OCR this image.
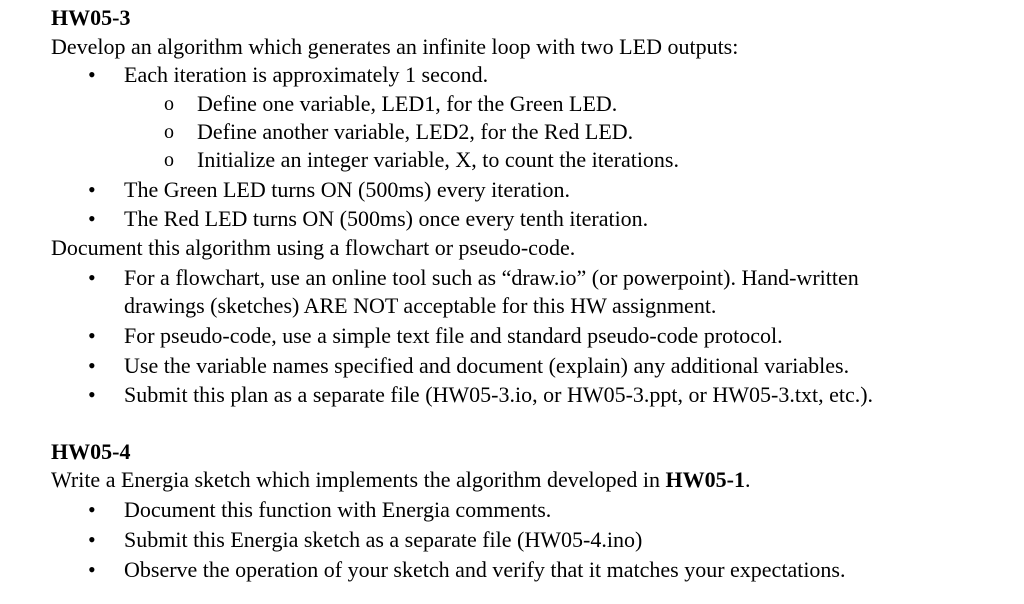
HW05-3
Develop an algorithm which generates an infinite loop with two LED outputs:
• Each iteration is approximately 1 second.
o Define one variable, LED1, for the Green LED.
o Define another variable, LED2, for the Red LED.
o Initialize an integer variable, X, to count the iterations.
• The Green LED turns ON (500ms) every iteration.
• The Red LED turns ON (500ms) once every tenth iteration.
Document this algorithm using a flowchart or pseudo-code.
• For a flowchart, use an online tool such as “draw.io” (or powerpoint). Hand-written
drawings (sketches) ARE NOT acceptable for this HW assignment.
• For pseudo-code, use a simple text file and standard pseudo-code protocol.
• Use the variable names specified and document (explain) any additional variables.
• Submit this plan as a separate file (HW05-3.io, or HW05-3.ppt, or HW05-3.txt, etc.).
HW05-4
Write a Energia sketch which implements the algorithm developed in HW05-1.
• Document this function with Energia comments.
• Submit this Energia sketch as a separate file (HW05-4.ino)
• Observe the operation of your sketch and verify that it matches your expectations.
